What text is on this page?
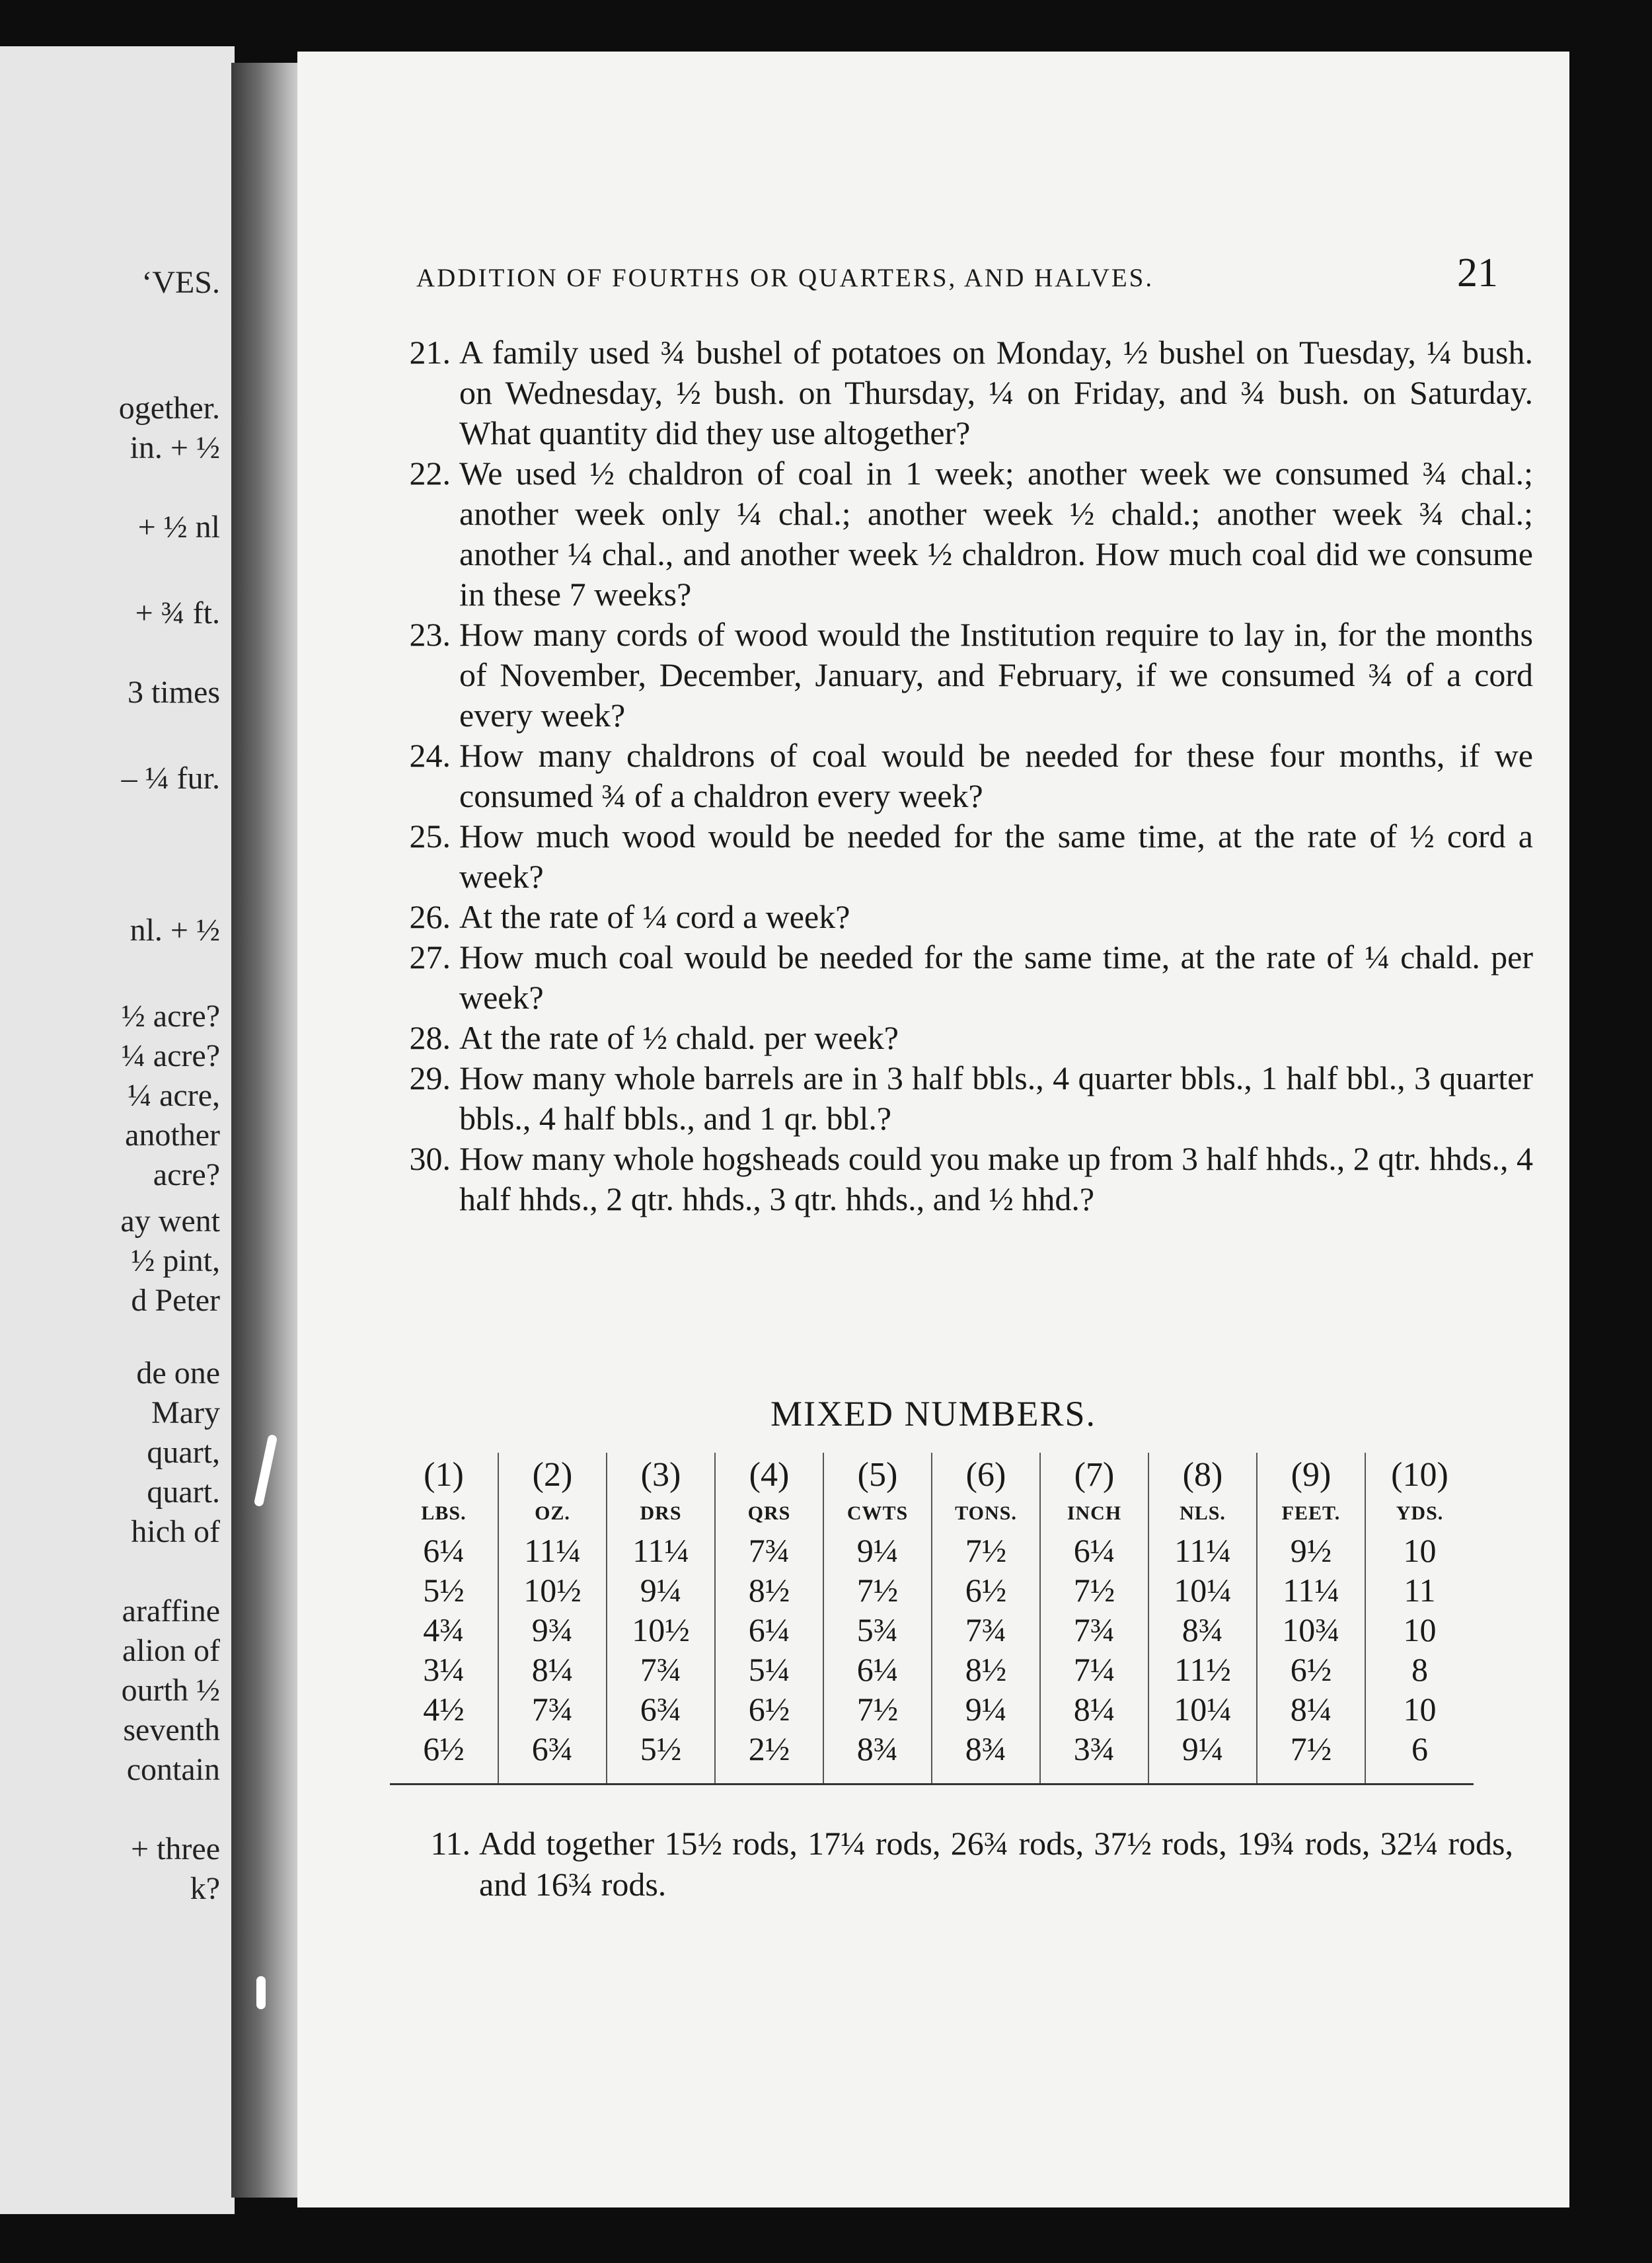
ʻVES.
ogether.
in. + ½
+ ½ nl
+ ¾ ft.
3 times
– ¼ fur.
nl. + ½
½ acre?
¼ acre?
¼ acre,
another
acre?
ay went
½ pint,
d Peter
de one
Mary
quart,
quart.
hich of
araffine
alion of
ourth ½
seventh
contain
+ three
k?
ADDITION OF FOURTHS OR QUARTERS, AND HALVES.	21

21. A family used ¾ bushel of potatoes on Monday, ½ bushel on Tuesday, ¼ bush. on Wednesday, ½ bush. on Thursday, ¼ on Friday, and ¾ bush. on Saturday. What quantity did they use altogether?

22. We used ½ chaldron of coal in 1 week; another week we consumed ¾ chal.; another week only ¼ chal.; another week ½ chald.; another week ¾ chal.; another ¼ chal., and another week ½ chaldron. How much coal did we consume in these 7 weeks?

23. How many cords of wood would the Institution require to lay in, for the months of November, December, January, and February, if we consumed ¾ of a cord every week?

24. How many chaldrons of coal would be needed for these four months, if we consumed ¾ of a chaldron every week?

25. How much wood would be needed for the same time, at the rate of ½ cord a week?

26. At the rate of ¼ cord a week?

27. How much coal would be needed for the same time, at the rate of ¼ chald. per week?

28. At the rate of ½ chald. per week?

29. How many whole barrels are in 3 half bbls., 4 quarter bbls., 1 half bbl., 3 quarter bbls., 4 half bbls., and 1 qr. bbl.?

30. How many whole hogsheads could you make up from 3 half hhds., 2 qtr. hhds., 4 half hhds., 2 qtr. hhds., 3 qtr. hhds., and ½ hhd.?

MIXED NUMBERS.
(1)	(2)	(3)	(4)	(5)	(6)	(7)	(8)	(9)	(10)
LBS.	OZ.	DRS	QRS	CWTS	TONS.	INCH	NLS.	FEET.	YDS.
6¼	11¼	11¼	7¾	9¼	7½	6¼	11¼	9½	10
5½	10½	9¼	8½	7½	6½	7½	10¼	11¼	11
4¾	9¾	10½	6¼	5¾	7¾	7¾	8¾	10¾	10
3¼	8¼	7¾	5¼	6¼	8½	7¼	11½	6½	8
4½	7¾	6¾	6½	7½	9¼	8¼	10¼	8¼	10
6½	6¾	5½	2½	8¾	8¾	3¾	9¼	7½	6

11. Add together 15½ rods, 17¼ rods, 26¾ rods, 37½ rods, 19¾ rods, 32¼ rods, and 16¾ rods.
